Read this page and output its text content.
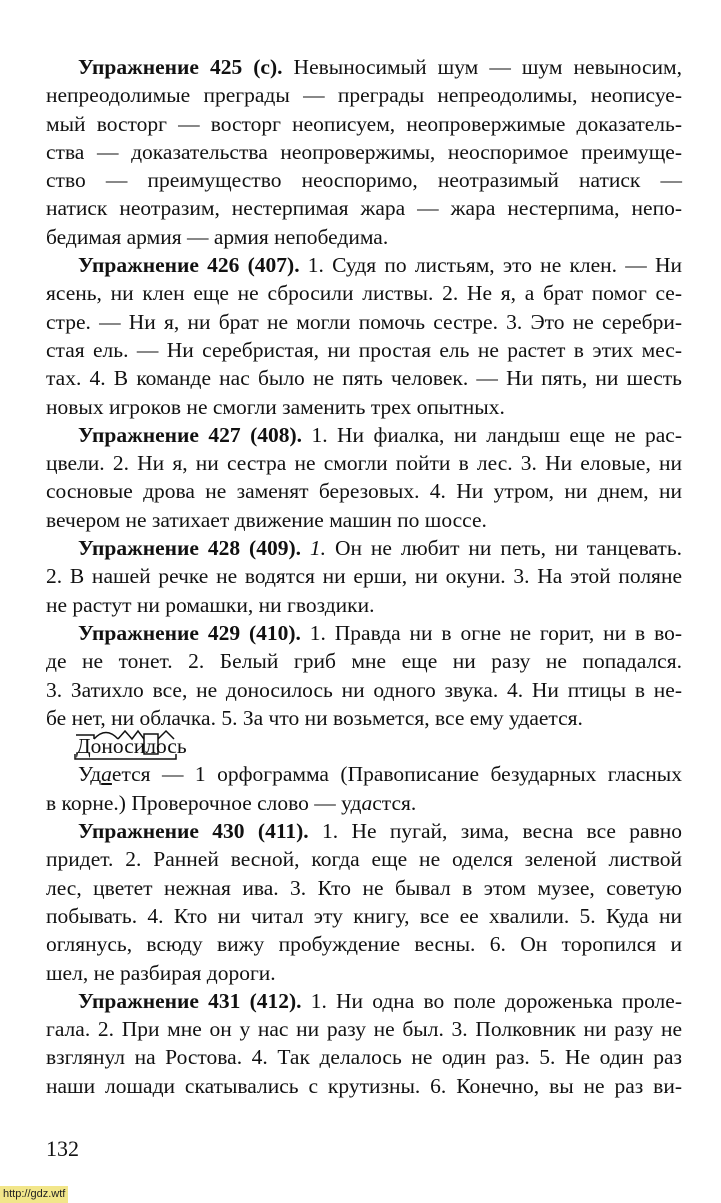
Упражнение 425 (с). Невыносимый шум — шум невыносим,
непреодолимые преграды — преграды непреодолимы, неописуе-
мый восторг — восторг неописуем, неопровержимые доказатель-
ства — доказательства неопровержимы, неоспоримое преимуще-
ство — преимущество неоспоримо, неотразимый натиск —
натиск неотразим, нестерпимая жара — жара нестерпима, непо-
бедимая армия — армия непобедима.
Упражнение 426 (407). 1. Судя по листьям, это не клен. — Ни
ясень, ни клен еще не сбросили листвы. 2. Не я, а брат помог се-
стре. — Ни я, ни брат не могли помочь сестре. 3. Это не серебри-
стая ель. — Ни серебристая, ни простая ель не растет в этих мес-
тах. 4. В команде нас было не пять человек. — Ни пять, ни шесть
новых игроков не смогли заменить трех опытных.
Упражнение 427 (408). 1. Ни фиалка, ни ландыш еще не рас-
цвели. 2. Ни я, ни сестра не смогли пойти в лес. 3. Ни еловые, ни
сосновые дрова не заменят березовых. 4. Ни утром, ни днем, ни
вечером не затихает движение машин по шоссе.
Упражнение 428 (409). 1. Он не любит ни петь, ни танцевать.
2. В нашей речке не водятся ни ерши, ни окуни. 3. На этой поляне
не растут ни ромашки, ни гвоздики.
Упражнение 429 (410). 1. Правда ни в огне не горит, ни в во-
де не тонет. 2. Белый гриб мне еще ни разу не попадался.
3. Затихло все, не доносилось ни одного звука. 4. Ни птицы в не-
бе нет, ни облачка. 5. За что ни возьмется, все ему удается.
Доносилось
Удается — 1 орфограмма (Правописание безударных гласных
в корне.) Проверочное слово — удастся.
Упражнение 430 (411). 1. Не пугай, зима, весна все равно
придет. 2. Ранней весной, когда еще не оделся зеленой листвой
лес, цветет нежная ива. 3. Кто не бывал в этом музее, советую
побывать. 4. Кто ни читал эту книгу, все ее хвалили. 5. Куда ни
оглянусь, всюду вижу пробуждение весны. 6. Он торопился и
шел, не разбирая дороги.
Упражнение 431 (412). 1. Ни одна во поле дороженька проле-
гала. 2. При мне он у нас ни разу не был. 3. Полковник ни разу не
взглянул на Ростова. 4. Так делалось не один раз. 5. Не один раз
наши лошади скатывались с крутизны. 6. Конечно, вы не раз ви-
132
http://gdz.wtf
